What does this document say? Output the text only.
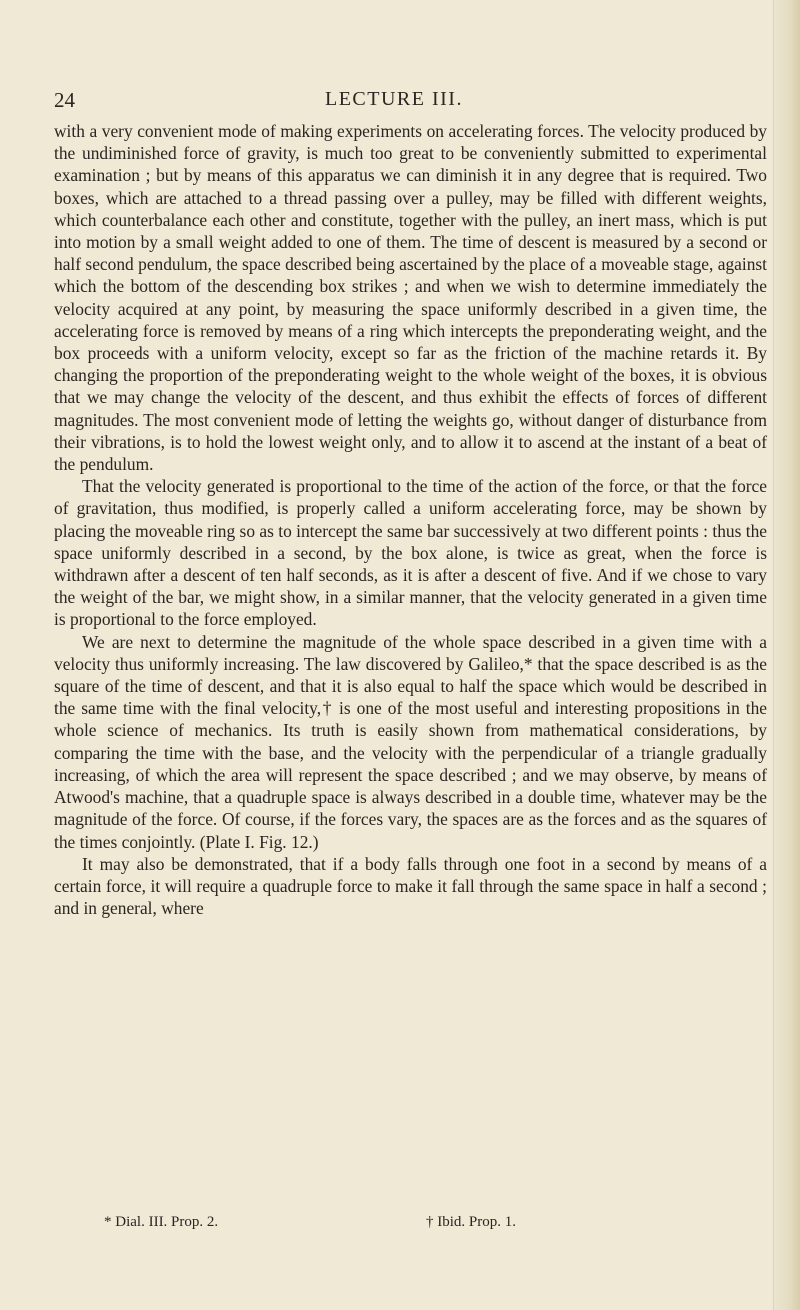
24	LECTURE III.

with a very convenient mode of making experiments on accelerating forces. The velocity produced by the undiminished force of gravity, is much too great to be conveniently submitted to experimental examination ; but by means of this apparatus we can diminish it in any degree that is required. Two boxes, which are attached to a thread passing over a pulley, may be filled with different weights, which counterbalance each other and constitute, together with the pulley, an inert mass, which is put into motion by a small weight added to one of them. The time of descent is measured by a second or half second pendulum, the space described being ascertained by the place of a moveable stage, against which the bottom of the descending box strikes ; and when we wish to determine immediately the velocity acquired at any point, by measuring the space uniformly described in a given time, the accelerating force is removed by means of a ring which intercepts the preponderating weight, and the box proceeds with a uniform velocity, except so far as the friction of the machine retards it. By changing the proportion of the preponderating weight to the whole weight of the boxes, it is obvious that we may change the velocity of the descent, and thus exhibit the effects of forces of different magnitudes. The most convenient mode of letting the weights go, without danger of disturbance from their vibrations, is to hold the lowest weight only, and to allow it to ascend at the instant of a beat of the pendulum.

That the velocity generated is proportional to the time of the action of the force, or that the force of gravitation, thus modified, is properly called a uniform accelerating force, may be shown by placing the moveable ring so as to intercept the same bar successively at two different points : thus the space uniformly described in a second, by the box alone, is twice as great, when the force is withdrawn after a descent of ten half seconds, as it is after a descent of five. And if we chose to vary the weight of the bar, we might show, in a similar manner, that the velocity generated in a given time is proportional to the force employed.

We are next to determine the magnitude of the whole space described in a given time with a velocity thus uniformly increasing. The law discovered by Galileo,* that the space described is as the square of the time of descent, and that it is also equal to half the space which would be described in the same time with the final velocity,† is one of the most useful and interesting propositions in the whole science of mechanics. Its truth is easily shown from mathematical considerations, by comparing the time with the base, and the velocity with the perpendicular of a triangle gradually increasing, of which the area will represent the space described ; and we may observe, by means of Atwood's machine, that a quadruple space is always described in a double time, whatever may be the magnitude of the force. Of course, if the forces vary, the spaces are as the forces and as the squares of the times conjointly. (Plate I. Fig. 12.)

It may also be demonstrated, that if a body falls through one foot in a second by means of a certain force, it will require a quadruple force to make it fall through the same space in half a second ; and in general, where

* Dial. III. Prop. 2.	† Ibid. Prop. 1.
